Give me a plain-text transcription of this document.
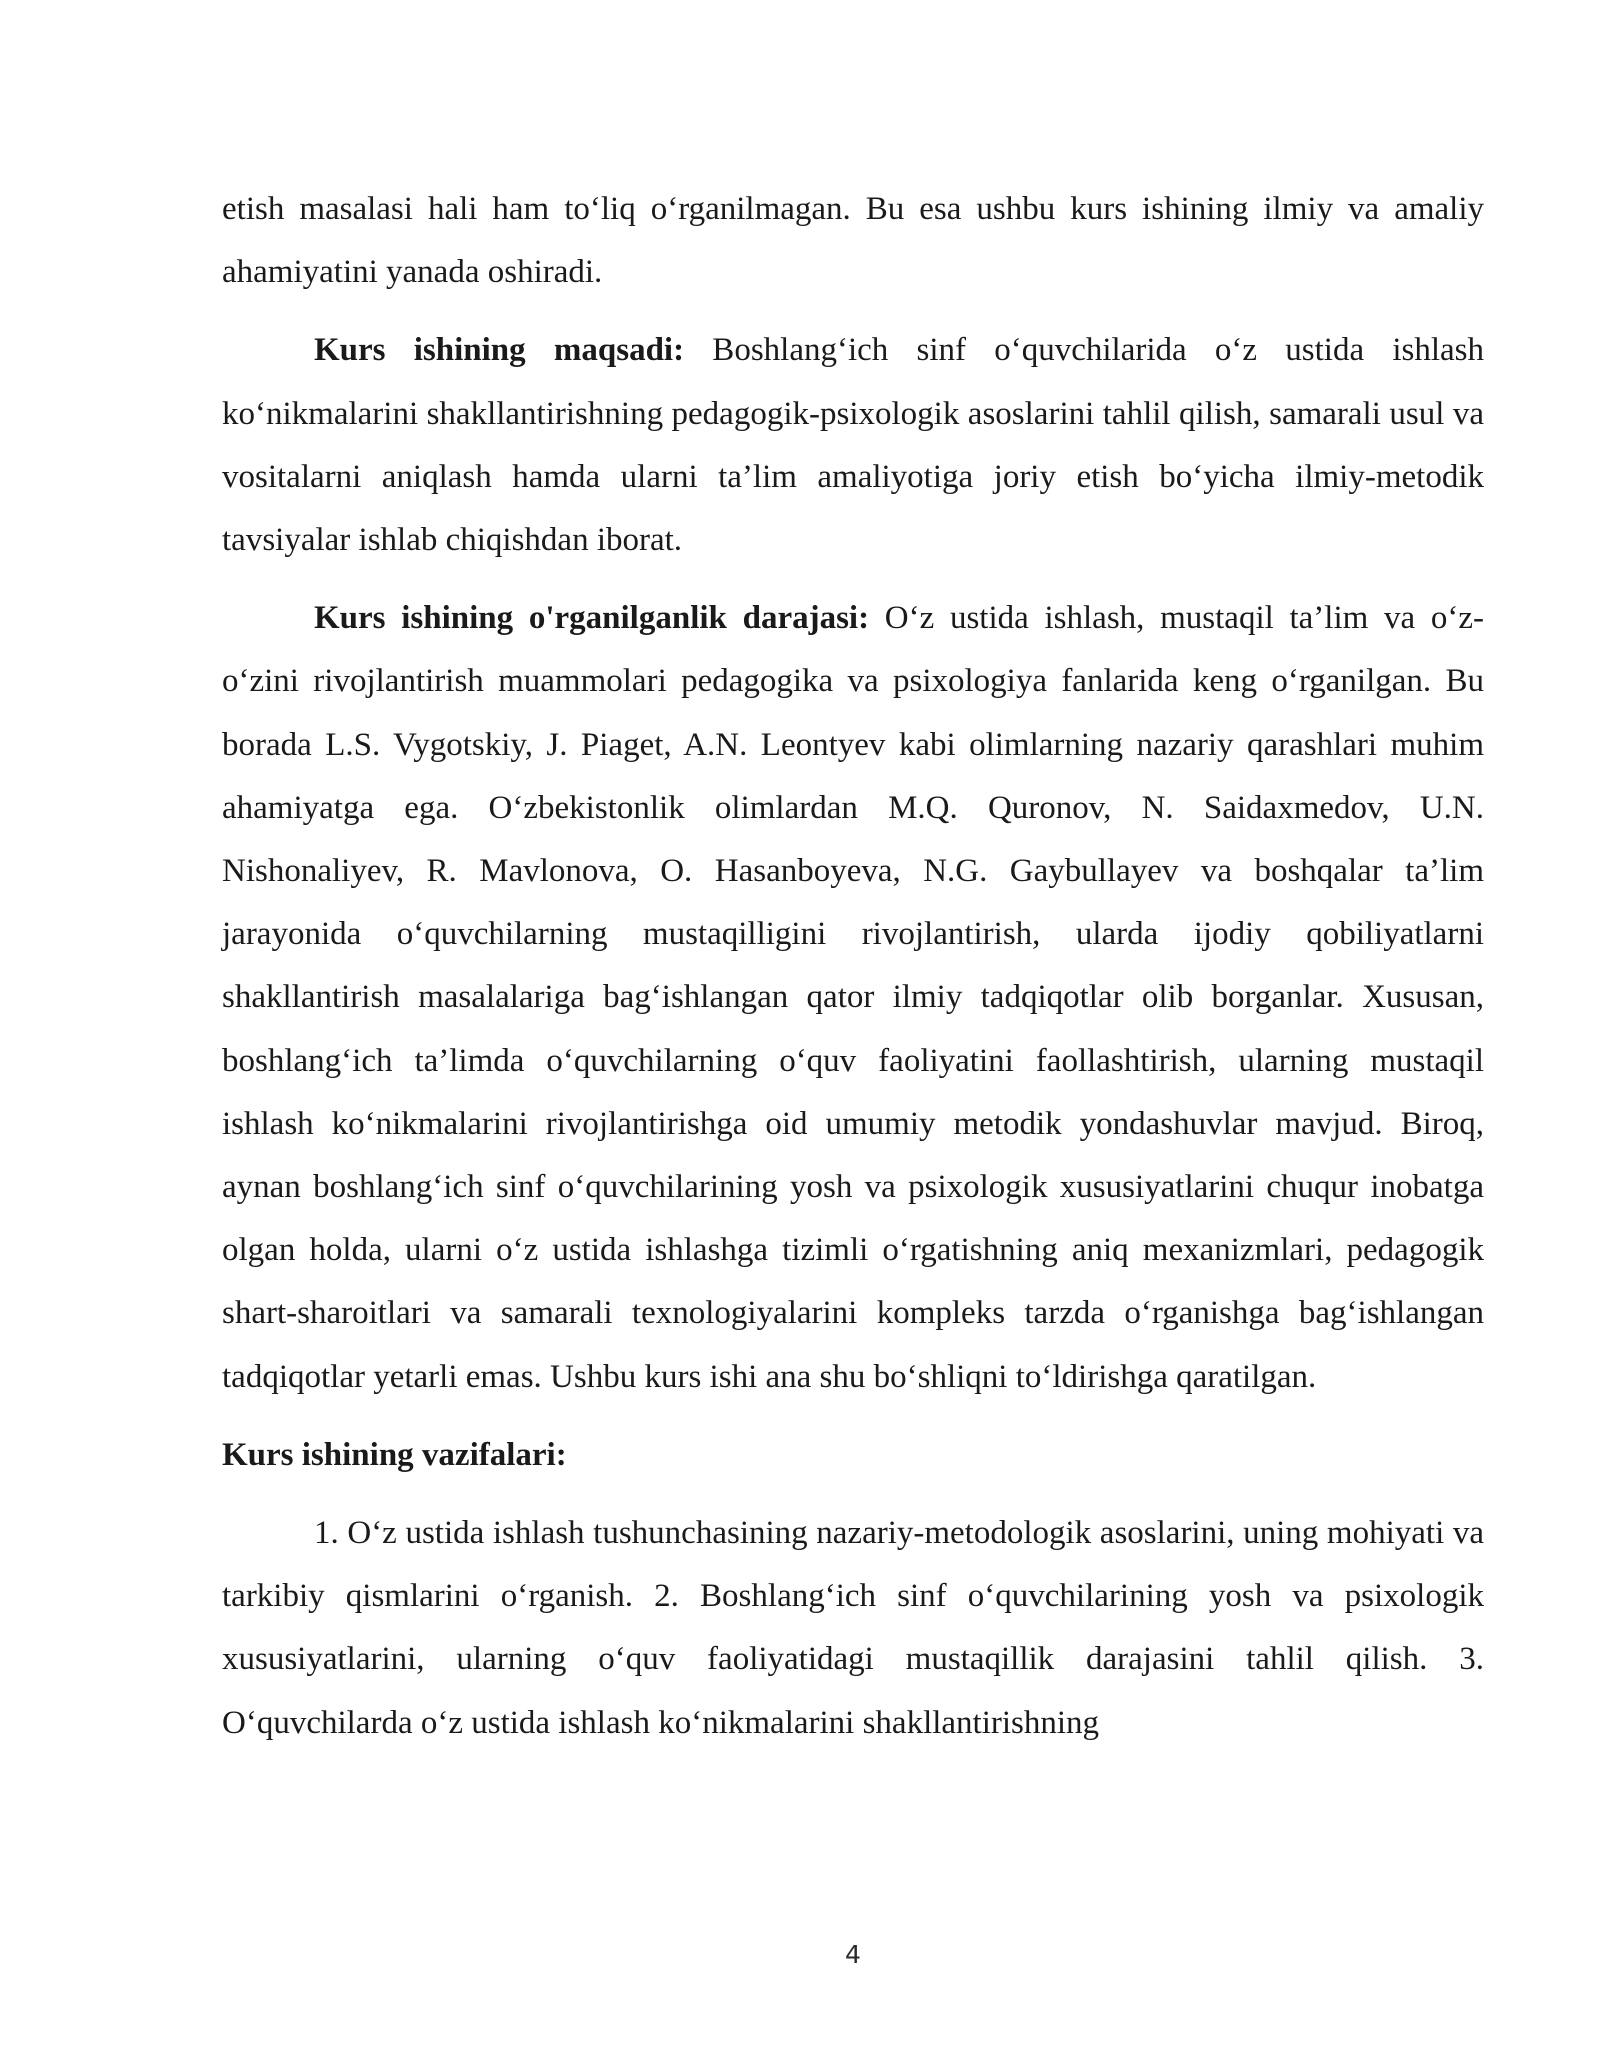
etish masalasi hali ham to‘liq o‘rganilmagan. Bu esa ushbu kurs ishining ilmiy va amaliy ahamiyatini yanada oshiradi.

Kurs ishining maqsadi: Boshlang‘ich sinf o‘quvchilarida o‘z ustida ishlash ko‘nikmalarini shakllantirishning pedagogik-psixologik asoslarini tahlil qilish, samarali usul va vositalarni aniqlash hamda ularni ta’lim amaliyotiga joriy etish bo‘yicha ilmiy-metodik tavsiyalar ishlab chiqishdan iborat.

Kurs ishining o'rganilganlik darajasi: O‘z ustida ishlash, mustaqil ta’lim va o‘z-o‘zini rivojlantirish muammolari pedagogika va psixologiya fanlarida keng o‘rganilgan. Bu borada L.S. Vygotskiy, J. Piaget, A.N. Leontyev kabi olimlarning nazariy qarashlari muhim ahamiyatga ega. O‘zbekistonlik olimlardan M.Q. Quronov, N. Saidaxmedov, U.N. Nishonaliyev, R. Mavlonova, O. Hasanboyeva, N.G. Gaybullayev va boshqalar ta’lim jarayonida o‘quvchilarning mustaqilligini rivojlantirish, ularda ijodiy qobiliyatlarni shakllantirish masalalariga bag‘ishlangan qator ilmiy tadqiqotlar olib borganlar. Xususan, boshlang‘ich ta’limda o‘quvchilarning o‘quv faoliyatini faollashtirish, ularning mustaqil ishlash ko‘nikmalarini rivojlantirishga oid umumiy metodik yondashuvlar mavjud. Biroq, aynan boshlang‘ich sinf o‘quvchilarining yosh va psixologik xususiyatlarini chuqur inobatga olgan holda, ularni o‘z ustida ishlashga tizimli o‘rgatishning aniq mexanizmlari, pedagogik shart-sharoitlari va samarali texnologiyalarini kompleks tarzda o‘rganishga bag‘ishlangan tadqiqotlar yetarli emas. Ushbu kurs ishi ana shu bo‘shliqni to‘ldirishga qaratilgan.

Kurs ishining vazifalari:

1. O‘z ustida ishlash tushunchasining nazariy-metodologik asoslarini, uning mohiyati va tarkibiy qismlarini o‘rganish. 2. Boshlang‘ich sinf o‘quvchilarining yosh va psixologik xususiyatlarini, ularning o‘quv faoliyatidagi mustaqillik darajasini tahlil qilish. 3. O‘quvchilarda o‘z ustida ishlash ko‘nikmalarini shakllantirishning

4
